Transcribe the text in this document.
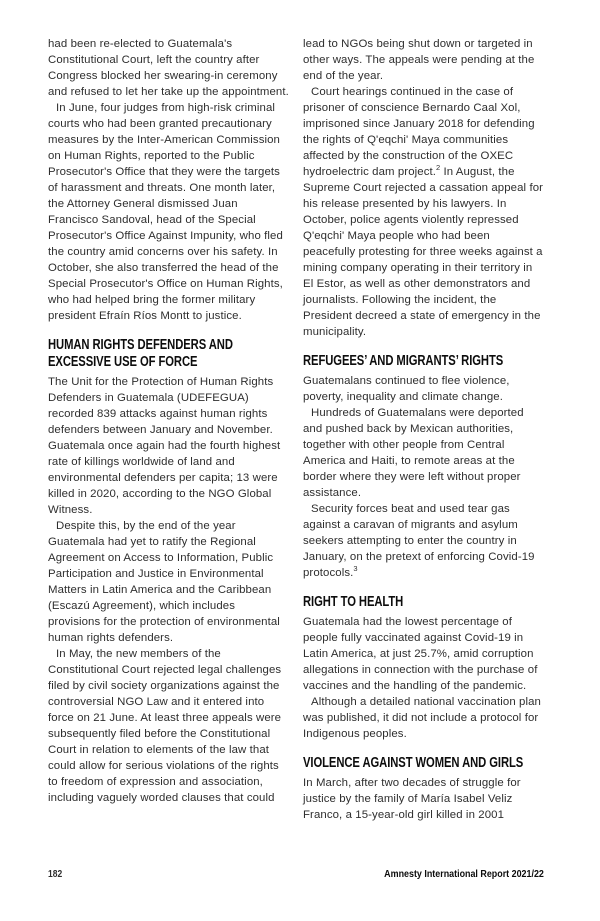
had been re-elected to Guatemala's Constitutional Court, left the country after Congress blocked her swearing-in ceremony and refused to let her take up the appointment.

In June, four judges from high-risk criminal courts who had been granted precautionary measures by the Inter-American Commission on Human Rights, reported to the Public Prosecutor's Office that they were the targets of harassment and threats. One month later, the Attorney General dismissed Juan Francisco Sandoval, head of the Special Prosecutor's Office Against Impunity, who fled the country amid concerns over his safety. In October, she also transferred the head of the Special Prosecutor's Office on Human Rights, who had helped bring the former military president Efraín Ríos Montt to justice.

HUMAN RIGHTS DEFENDERS AND EXCESSIVE USE OF FORCE

The Unit for the Protection of Human Rights Defenders in Guatemala (UDEFEGUA) recorded 839 attacks against human rights defenders between January and November. Guatemala once again had the fourth highest rate of killings worldwide of land and environmental defenders per capita; 13 were killed in 2020, according to the NGO Global Witness.

Despite this, by the end of the year Guatemala had yet to ratify the Regional Agreement on Access to Information, Public Participation and Justice in Environmental Matters in Latin America and the Caribbean (Escazú Agreement), which includes provisions for the protection of environmental human rights defenders.

In May, the new members of the Constitutional Court rejected legal challenges filed by civil society organizations against the controversial NGO Law and it entered into force on 21 June. At least three appeals were subsequently filed before the Constitutional Court in relation to elements of the law that could allow for serious violations of the rights to freedom of expression and association, including vaguely worded clauses that could

lead to NGOs being shut down or targeted in other ways. The appeals were pending at the end of the year.

Court hearings continued in the case of prisoner of conscience Bernardo Caal Xol, imprisoned since January 2018 for defending the rights of Q'eqchi' Maya communities affected by the construction of the OXEC hydroelectric dam project.$^2$ In August, the Supreme Court rejected a cassation appeal for his release presented by his lawyers. In October, police agents violently repressed Q'eqchi' Maya people who had been peacefully protesting for three weeks against a mining company operating in their territory in El Estor, as well as other demonstrators and journalists. Following the incident, the President decreed a state of emergency in the municipality.

REFUGEES’ AND MIGRANTS’ RIGHTS

Guatemalans continued to flee violence, poverty, inequality and climate change.

Hundreds of Guatemalans were deported and pushed back by Mexican authorities, together with other people from Central America and Haiti, to remote areas at the border where they were left without proper assistance.

Security forces beat and used tear gas against a caravan of migrants and asylum seekers attempting to enter the country in January, on the pretext of enforcing Covid-19 protocols.$^3$

RIGHT TO HEALTH

Guatemala had the lowest percentage of people fully vaccinated against Covid-19 in Latin America, at just 25.7%, amid corruption allegations in connection with the purchase of vaccines and the handling of the pandemic.

Although a detailed national vaccination plan was published, it did not include a protocol for Indigenous peoples.

VIOLENCE AGAINST WOMEN AND GIRLS

In March, after two decades of struggle for justice by the family of María Isabel Veliz Franco, a 15-year-old girl killed in 2001

182	Amnesty International Report 2021/22
